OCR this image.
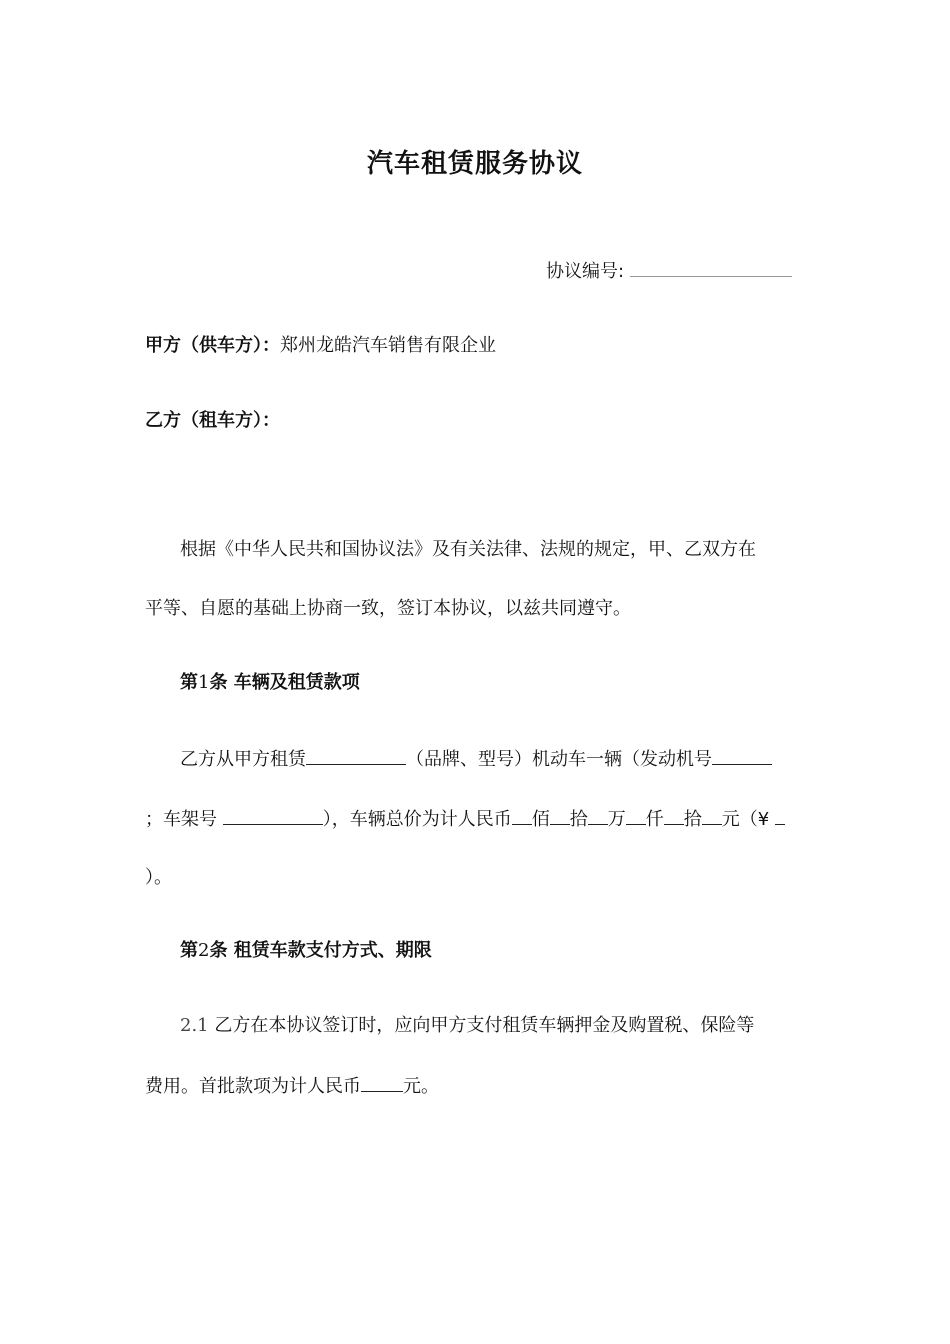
汽车租赁服务协议
协议编号:
甲方（供车方）：郑州龙皓汽车销售有限企业
乙方（租车方）：
根据《中华人民共和国协议法》及有关法律、法规的规定，甲、乙双方在
平等、自愿的基础上协商一致，签订本协议，以兹共同遵守。
第1条 车辆及租赁款项
乙方从甲方租赁	（品牌、型号）机动车一辆（发动机号
；车架号	），车辆总价为计人民币 佰 拾 万 仟 拾 元（¥
）。
第2条 租赁车款支付方式、期限
2.1 乙方在本协议签订时，应向甲方支付租赁车辆押金及购置税、保险等
费用。首批款项为计人民币 元。
